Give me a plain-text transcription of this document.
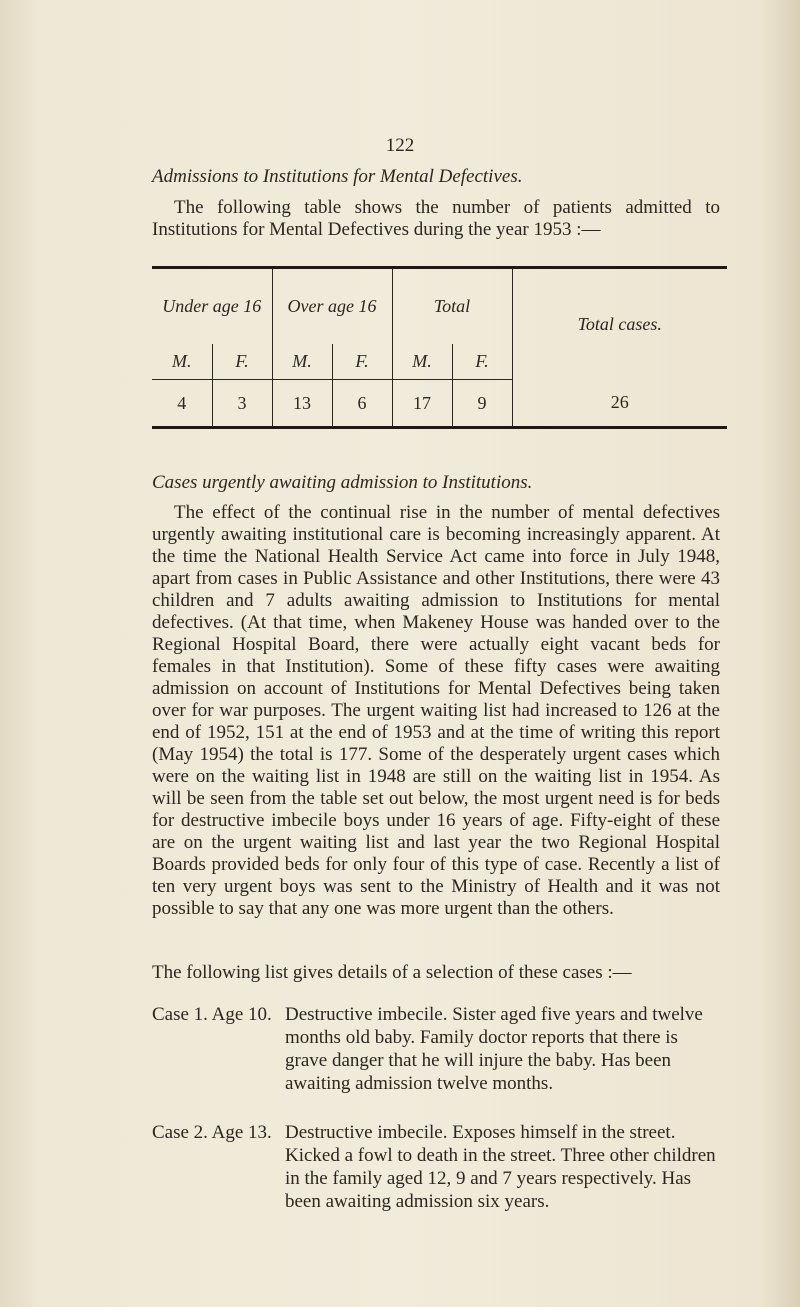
122
Admissions to Institutions for Mental Defectives.
The following table shows the number of patients admitted to Institutions for Mental Defectives during the year 1953 :—
Under age 16		Over age 16		Total		Total cases.
M.	F.	M.	F.	M.	F.	
4	3	13	6	17	9	26
Cases urgently awaiting admission to Institutions.
The effect of the continual rise in the number of mental defectives urgently awaiting institutional care is becoming increasingly apparent. At the time the National Health Service Act came into force in July 1948, apart from cases in Public Assistance and other Institutions, there were 43 children and 7 adults awaiting admission to Institutions for mental defectives. (At that time, when Makeney House was handed over to the Regional Hospital Board, there were actually eight vacant beds for females in that Institution). Some of these fifty cases were awaiting admission on account of Institutions for Mental Defectives being taken over for war purposes. The urgent waiting list had increased to 126 at the end of 1952, 151 at the end of 1953 and at the time of writing this report (May 1954) the total is 177. Some of the desperately urgent cases which were on the waiting list in 1948 are still on the waiting list in 1954. As will be seen from the table set out below, the most urgent need is for beds for destructive imbecile boys under 16 years of age. Fifty-eight of these are on the urgent waiting list and last year the two Regional Hospital Boards provided beds for only four of this type of case. Recently a list of ten very urgent boys was sent to the Ministry of Health and it was not possible to say that any one was more urgent than the others.
The following list gives details of a selection of these cases :—
Case 1. Age 10. Destructive imbecile. Sister aged five years and twelve months old baby. Family doctor reports that there is grave danger that he will injure the baby. Has been awaiting admission twelve months.
Case 2. Age 13. Destructive imbecile. Exposes himself in the street. Kicked a fowl to death in the street. Three other children in the family aged 12, 9 and 7 years respectively. Has been awaiting admission six years.
